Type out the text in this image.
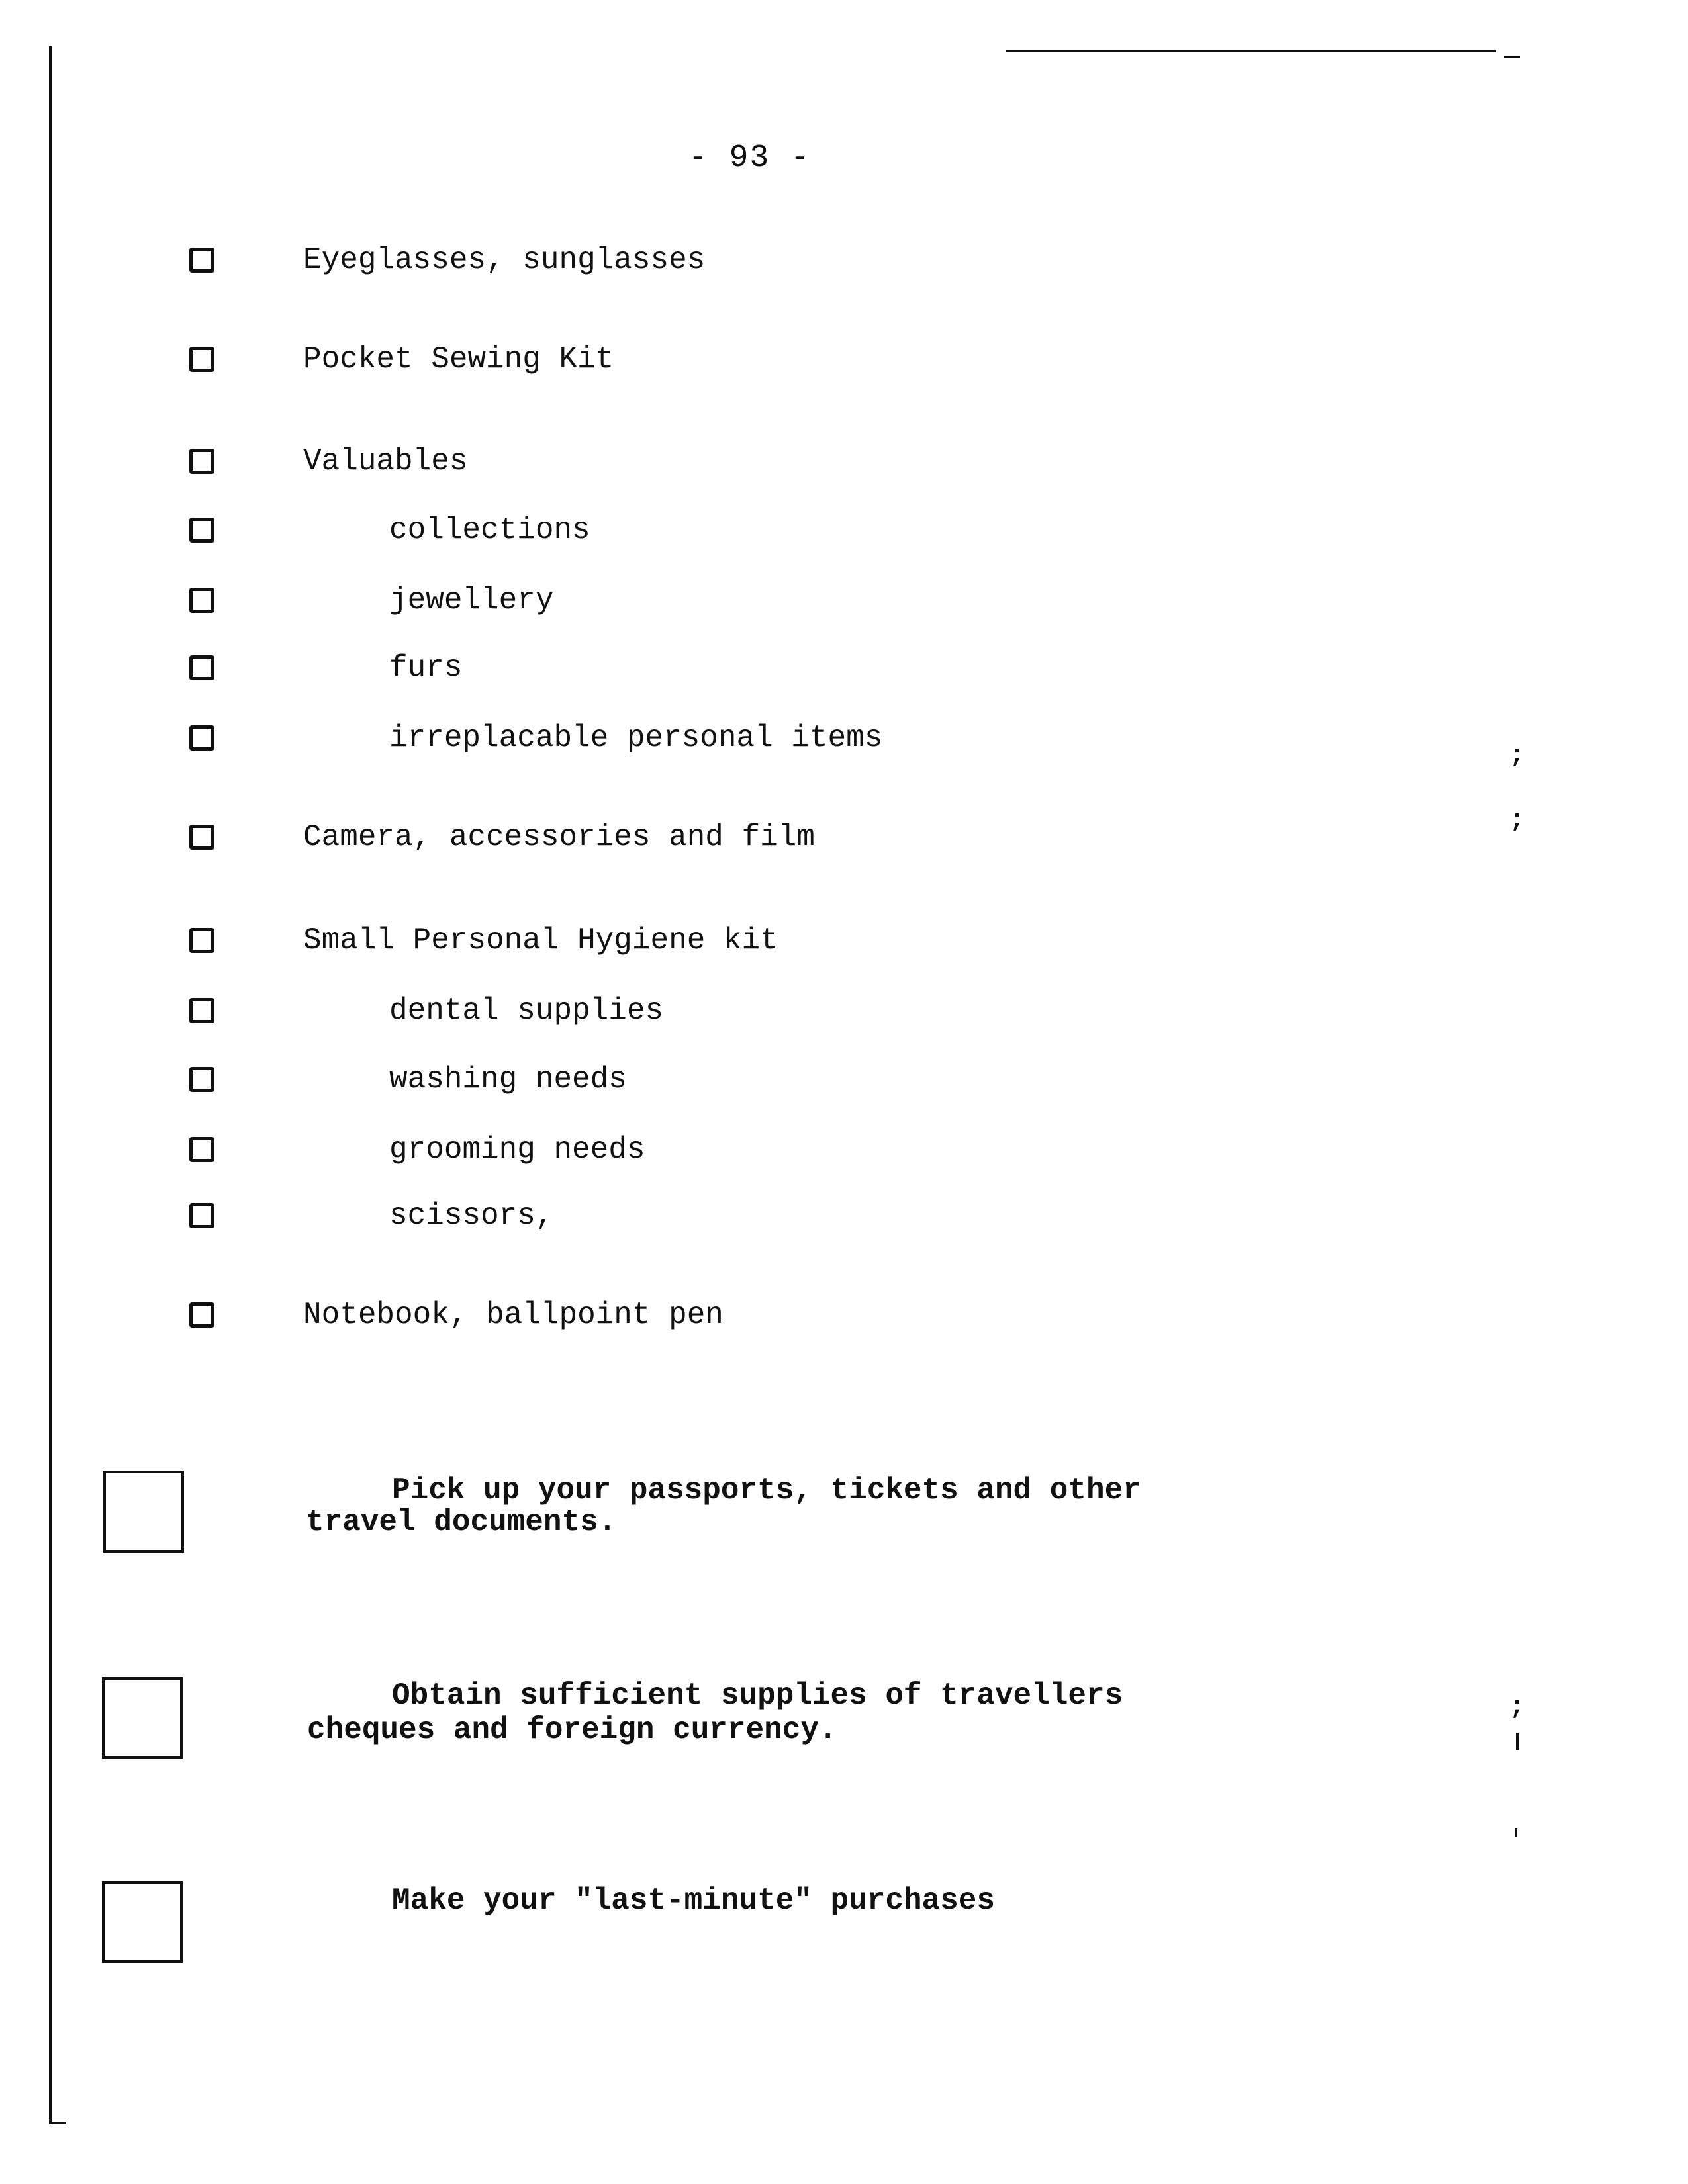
- 93 -
Eyeglasses, sunglasses
Pocket Sewing Kit
Valuables
collections
jewellery
furs
irreplacable personal items
Camera, accessories and film
Small Personal Hygiene kit
dental supplies
washing needs
grooming needs
scissors,
Notebook, ballpoint pen
Pick up your passports, tickets and other
travel documents.
Obtain sufficient supplies of travellers
cheques and foreign currency.
Make your "last-minute" purchases
;
;
;
